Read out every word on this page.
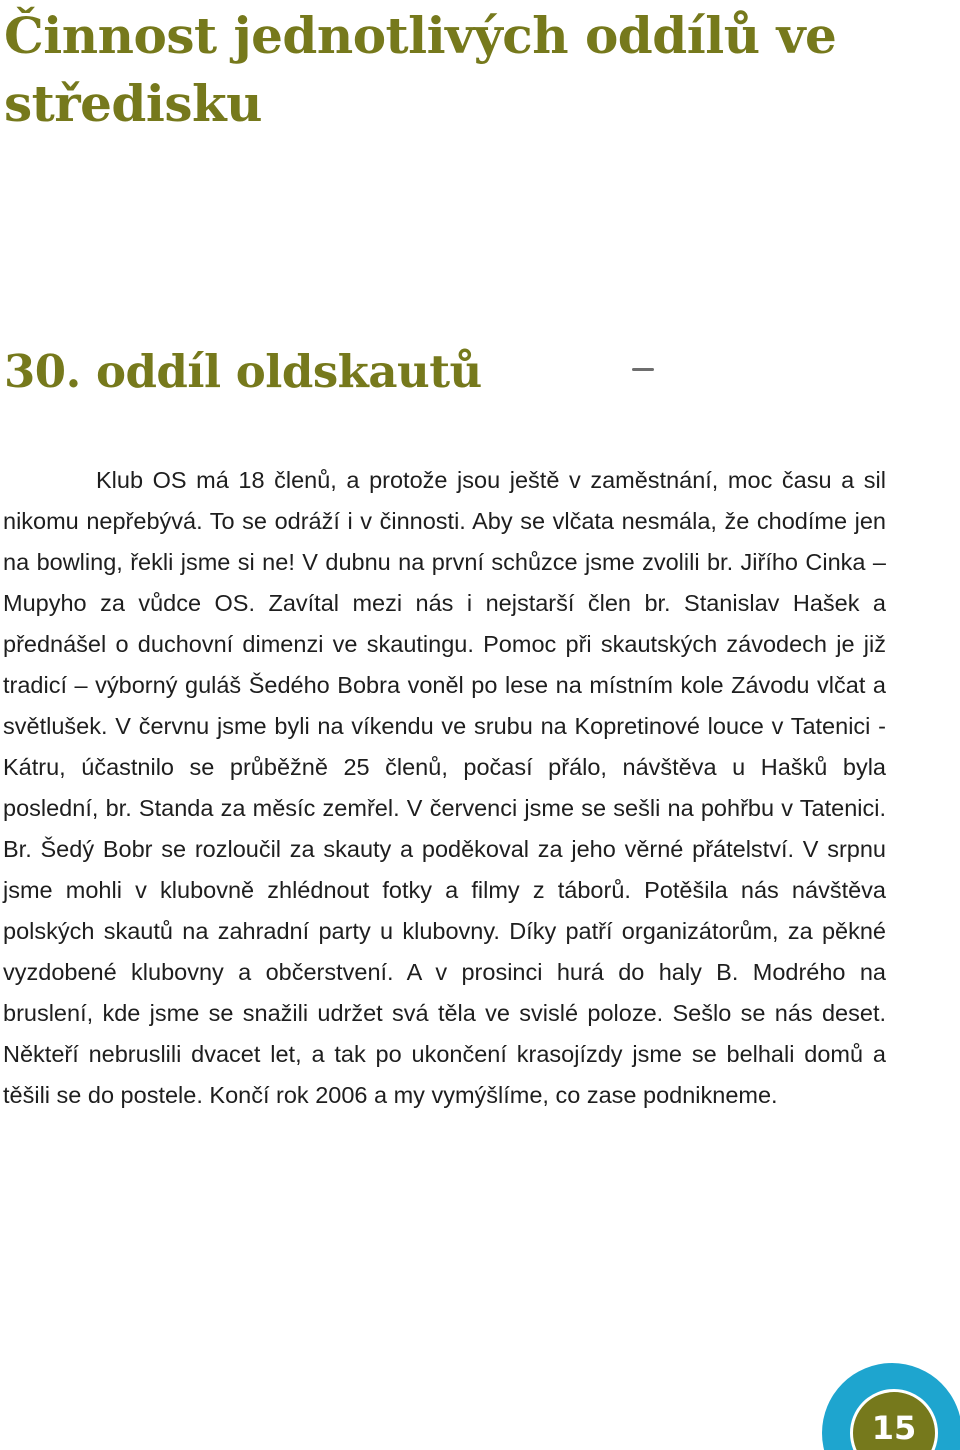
Činnost jednotlivých oddílů ve středisku
30. oddíl oldskautů

Klub OS má 18 členů, a protože jsou ještě v zaměstnání, moc času a sil nikomu nepřebývá. To se odráží i v činnosti. Aby se vlčata nesmála, že chodíme jen na bowling, řekli jsme si ne! V dubnu na první schůzce jsme zvolili br. Jiřího Cinka – Mupyho za vůdce OS. Zavítal mezi nás i nejstarší člen br. Stanislav Hašek a přednášel o duchovní dimenzi ve skautingu. Pomoc při skautských závodech je již tradicí – výborný guláš Šedého Bobra voněl po lese na místním kole Závodu vlčat a světlušek. V červnu jsme byli na víkendu ve srubu na Kopretinové louce v Tatenici - Kátru, účastnilo se průběžně 25 členů, počasí přálo, návštěva u Hašků byla poslední, br. Standa za měsíc zemřel. V červenci jsme se sešli na pohřbu v Tatenici. Br. Šedý Bobr se rozloučil za skauty a poděkoval za jeho věrné přátelství. V srpnu jsme mohli v klubovně zhlédnout fotky a filmy z táborů. Potěšila nás návštěva polských skautů na zahradní party u klubovny. Díky patří organizátorům, za pěkné vyzdobené klubovny a občerstvení. A v prosinci hurá do haly B. Modrého na bruslení, kde jsme se snažili udržet svá těla ve svislé poloze. Sešlo se nás deset. Někteří nebruslili dvacet let, a tak po ukončení krasojízdy jsme se belhali domů a těšili se do postele. Končí rok 2006 a my vymýšlíme, co zase podnikneme.

15
